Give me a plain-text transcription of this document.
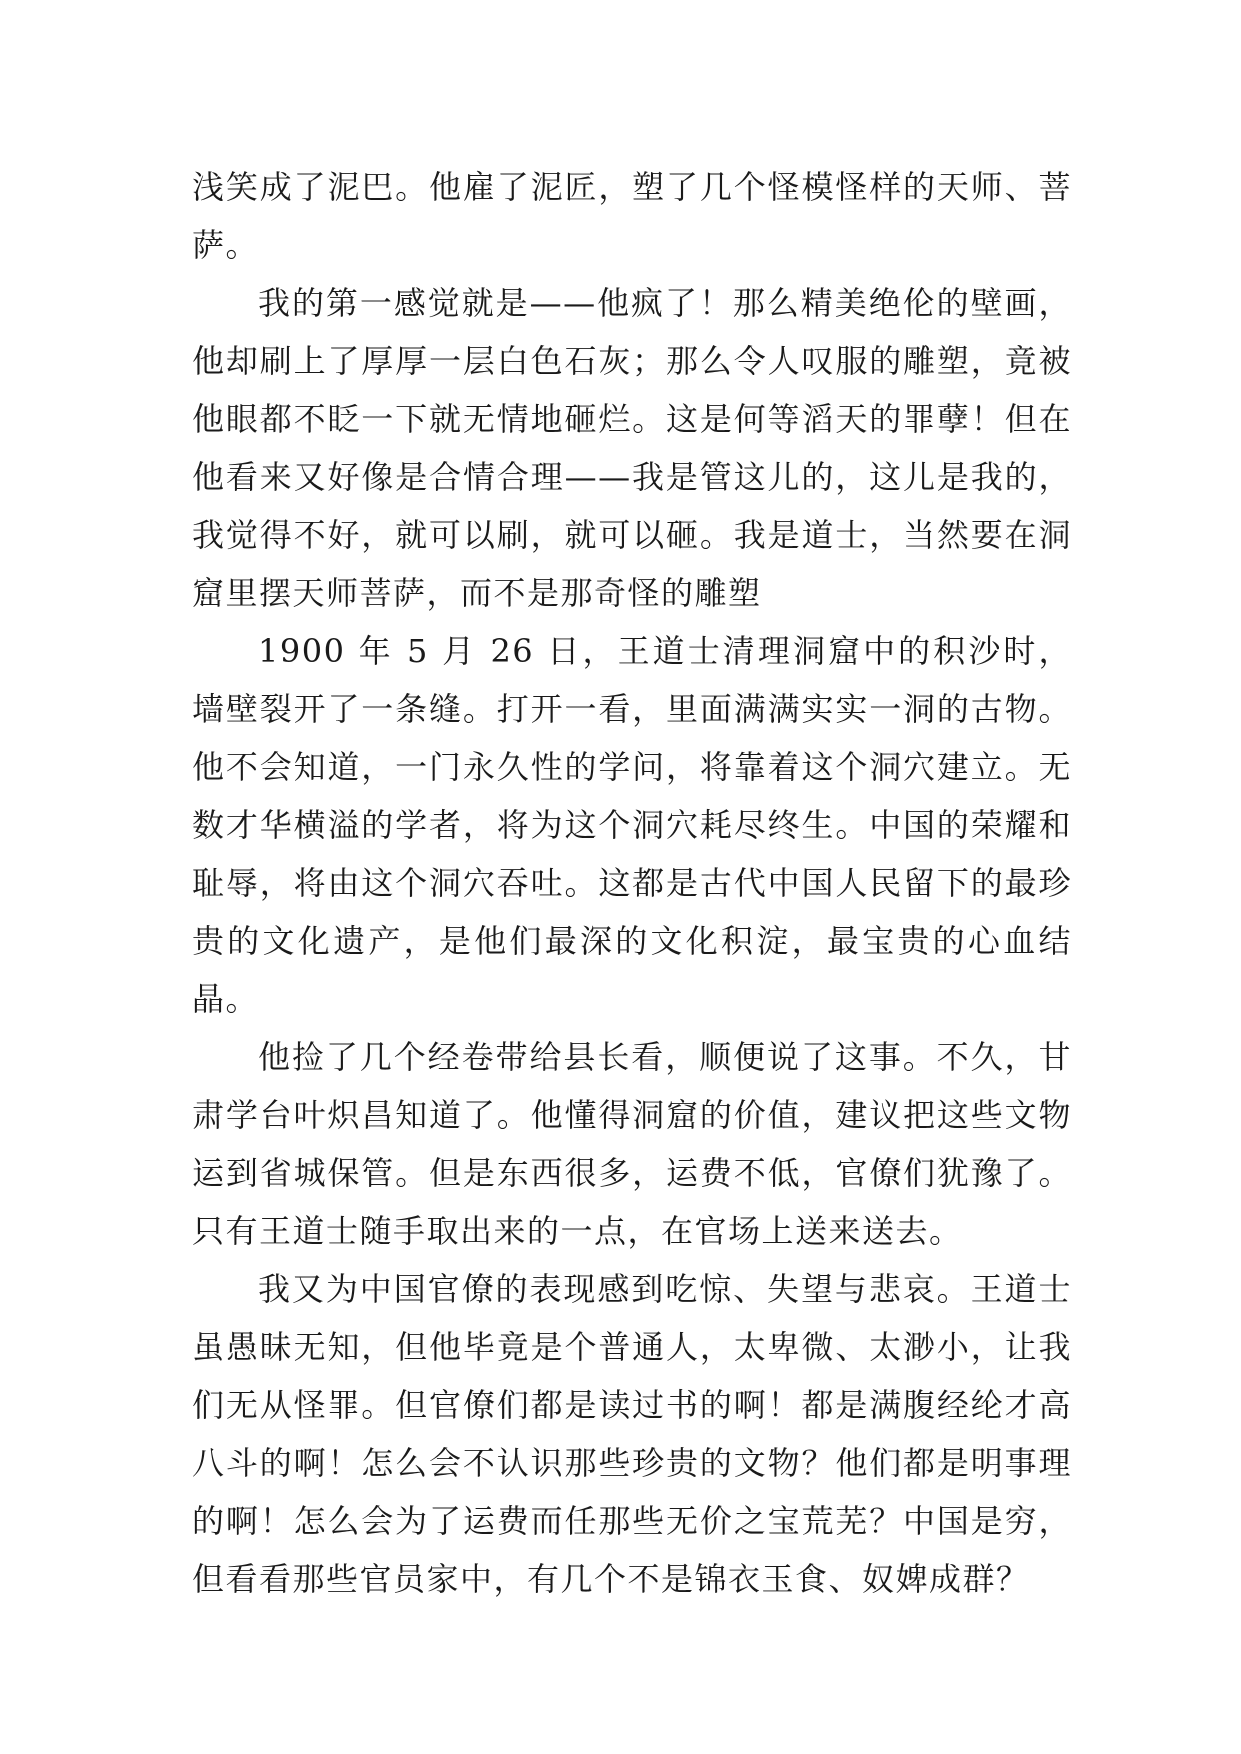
浅笑成了泥巴。他雇了泥匠，塑了几个怪模怪样的天师、菩萨。

我的第一感觉就是——他疯了！那么精美绝伦的壁画，他却刷上了厚厚一层白色石灰；那么令人叹服的雕塑，竟被他眼都不眨一下就无情地砸烂。这是何等滔天的罪孽！但在他看来又好像是合情合理——我是管这儿的，这儿是我的，我觉得不好，就可以刷，就可以砸。我是道士，当然要在洞窟里摆天师菩萨，而不是那奇怪的雕塑

1900 年 5 月 26 日，王道士清理洞窟中的积沙时，墙壁裂开了一条缝。打开一看，里面满满实实一洞的古物。他不会知道，一门永久性的学问，将靠着这个洞穴建立。无数才华横溢的学者，将为这个洞穴耗尽终生。中国的荣耀和耻辱，将由这个洞穴吞吐。这都是古代中国人民留下的最珍贵的文化遗产，是他们最深的文化积淀，最宝贵的心血结晶。

他捡了几个经卷带给县长看，顺便说了这事。不久，甘肃学台叶炽昌知道了。他懂得洞窟的价值，建议把这些文物运到省城保管。但是东西很多，运费不低，官僚们犹豫了。只有王道士随手取出来的一点，在官场上送来送去。

我又为中国官僚的表现感到吃惊、失望与悲哀。王道士虽愚昧无知，但他毕竟是个普通人，太卑微、太渺小，让我们无从怪罪。但官僚们都是读过书的啊！都是满腹经纶才高八斗的啊！怎么会不认识那些珍贵的文物？他们都是明事理的啊！怎么会为了运费而任那些无价之宝荒芜？中国是穷，但看看那些官员家中，有几个不是锦衣玉食、奴婢成群？
